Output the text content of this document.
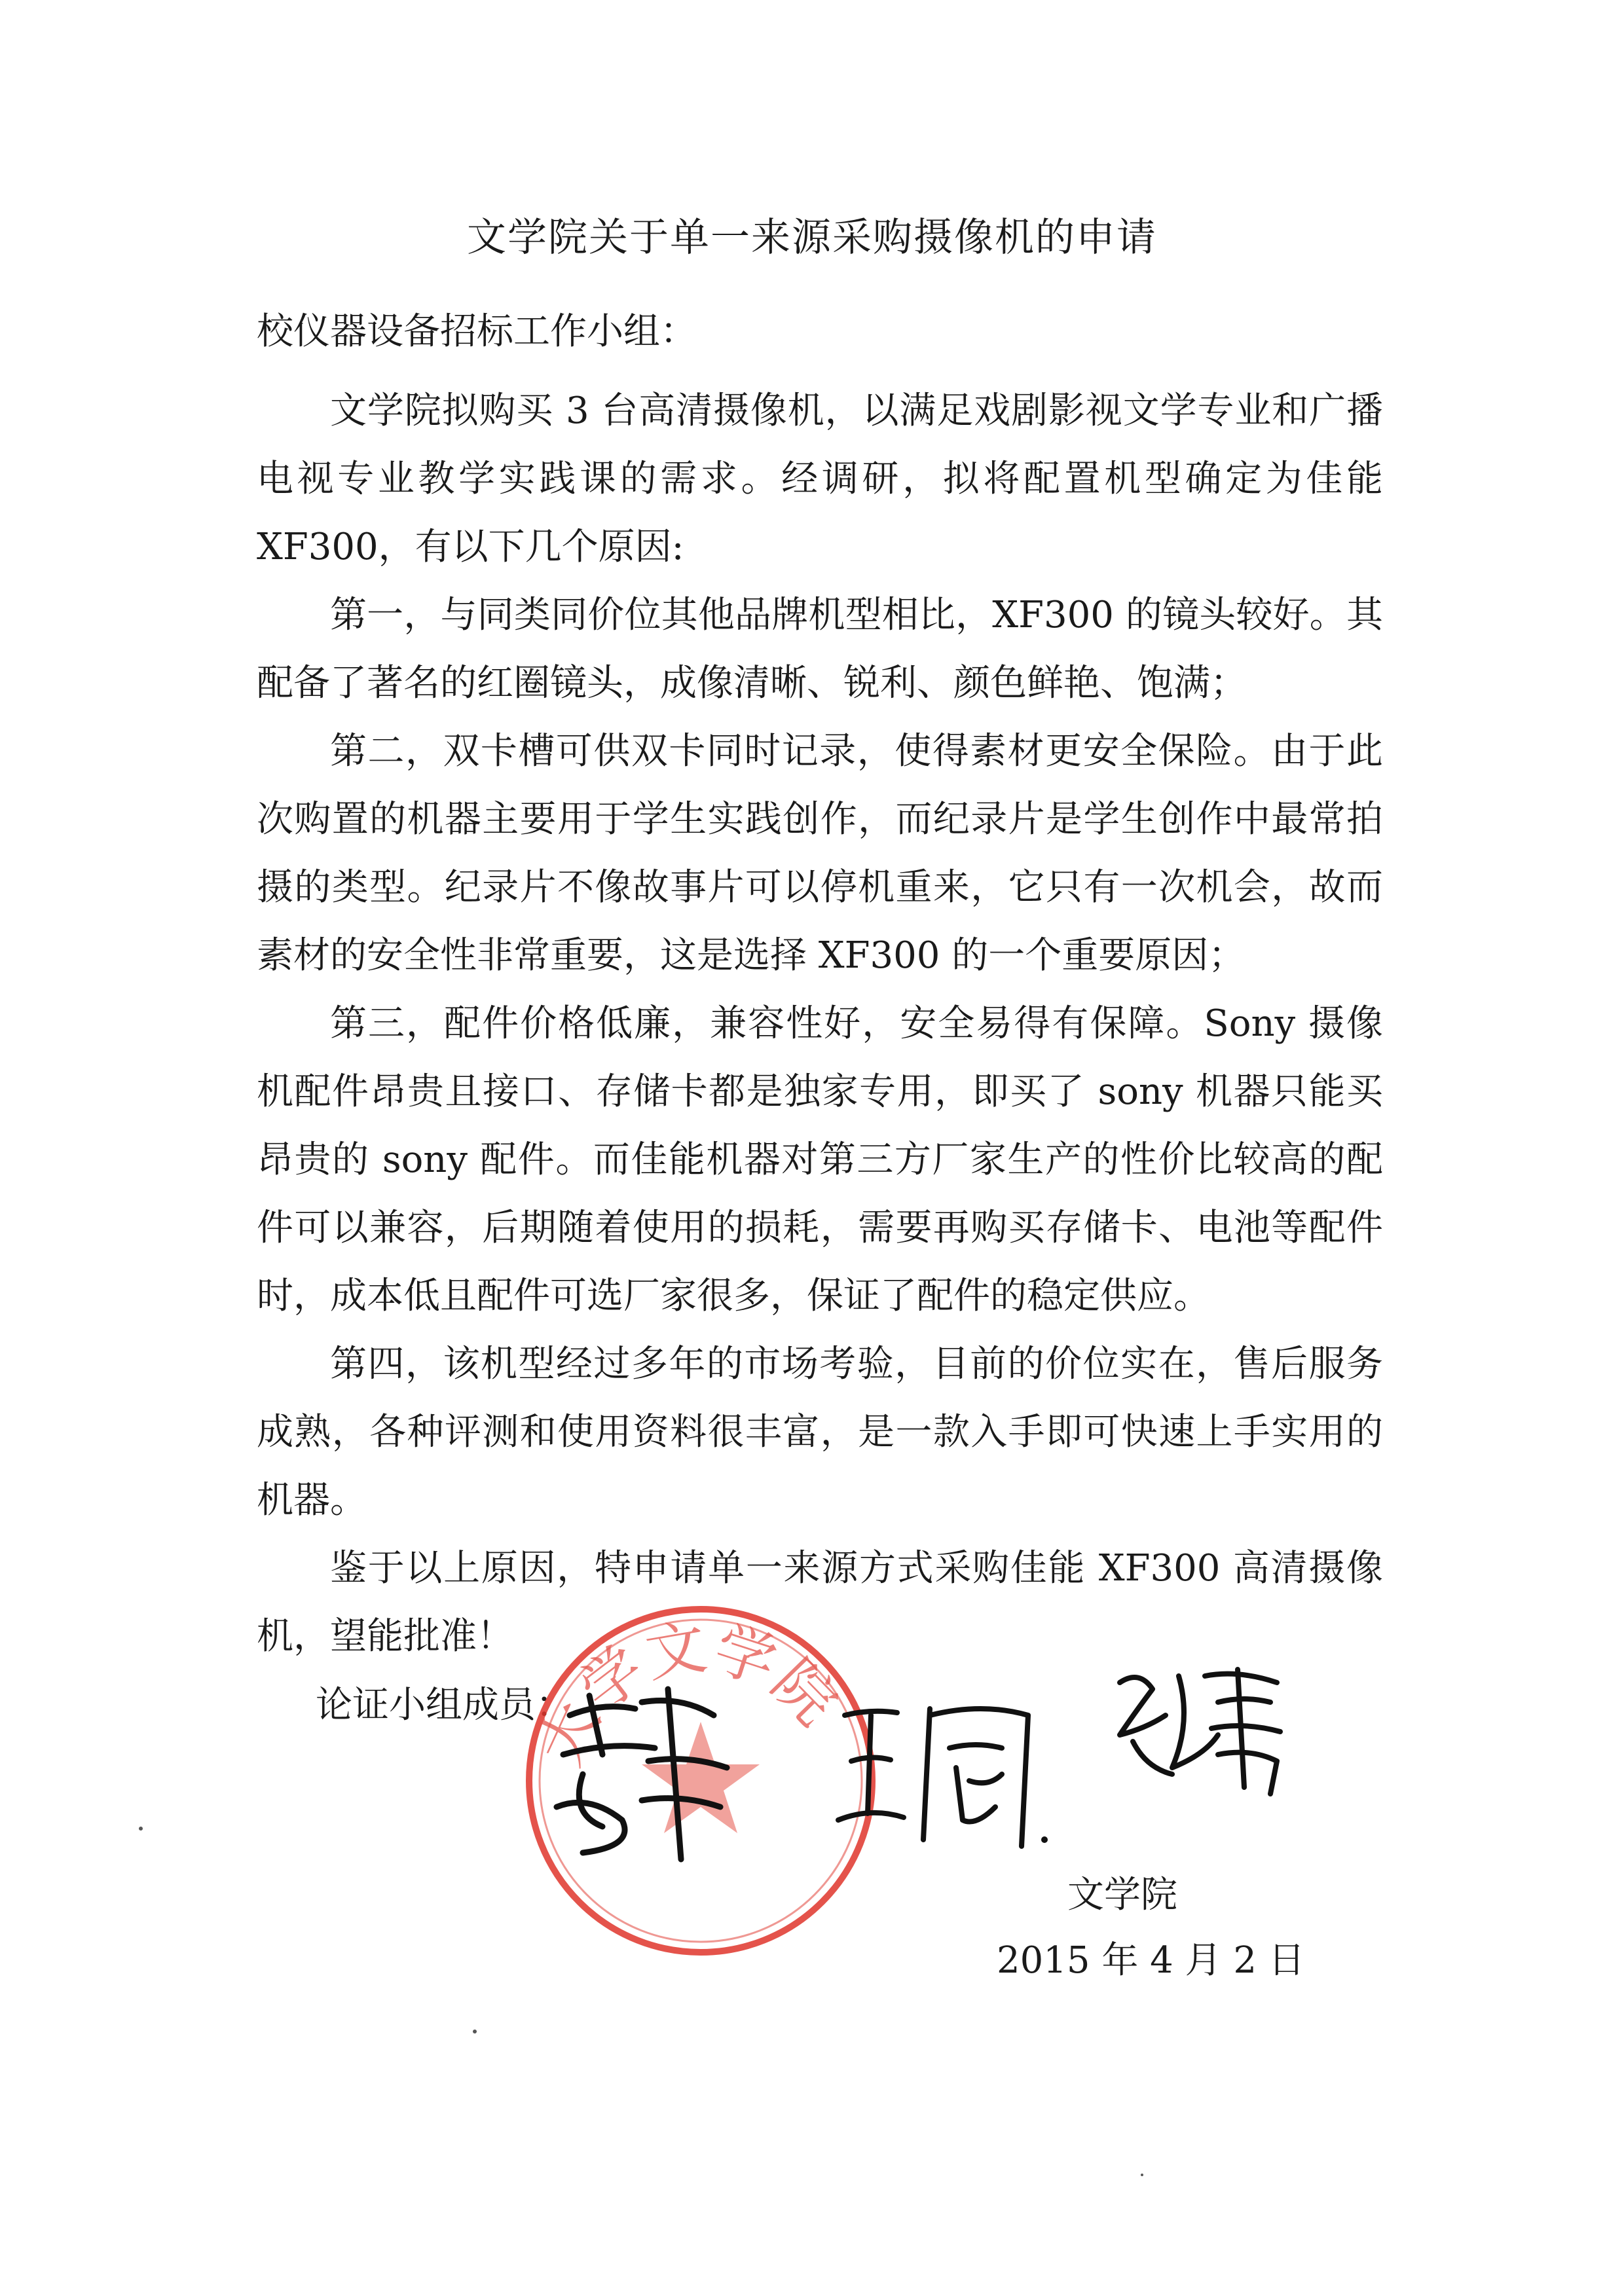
文学院关于单一来源采购摄像机的申请
校仪器设备招标工作小组：

文学院拟购买 3 台高清摄像机，以满足戏剧影视文学专业和广播电视专业教学实践课的需求。经调研，拟将配置机型确定为佳能 XF300，有以下几个原因:

第一，与同类同价位其他品牌机型相比，XF300 的镜头较好。其配备了著名的红圈镜头，成像清晰、锐利、颜色鲜艳、饱满；

第二，双卡槽可供双卡同时记录，使得素材更安全保险。由于此次购置的机器主要用于学生实践创作，而纪录片是学生创作中最常拍摄的类型。纪录片不像故事片可以停机重来，它只有一次机会，故而素材的安全性非常重要，这是选择 XF300 的一个重要原因；

第三，配件价格低廉，兼容性好，安全易得有保障。Sony 摄像机配件昂贵且接口、存储卡都是独家专用，即买了 sony 机器只能买昂贵的 sony 配件。而佳能机器对第三方厂家生产的性价比较高的配件可以兼容，后期随着使用的损耗，需要再购买存储卡、电池等配件时，成本低且配件可选厂家很多，保证了配件的稳定供应。

第四，该机型经过多年的市场考验，目前的价位实在，售后服务成熟，各种评测和使用资料很丰富，是一款入手即可快速上手实用的机器。

鉴于以上原因，特申请单一来源方式采购佳能 XF300 高清摄像机，望能批准！

论证小组成员：
大学文学院
文学院
2015 年 4 月 2 日
